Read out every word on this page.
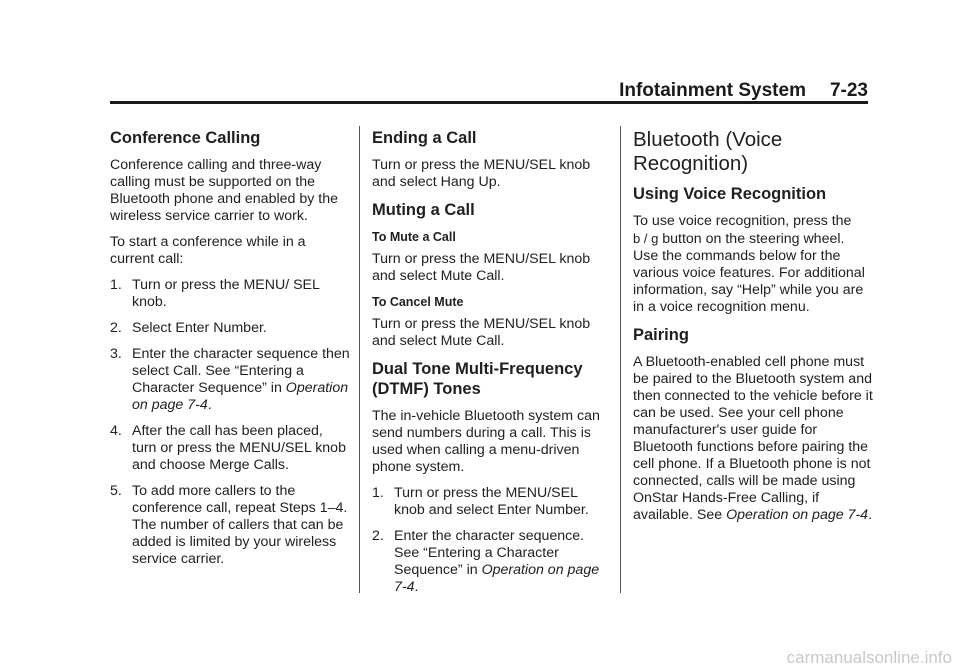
Infotainment System 7-23
Conference Calling

Conference calling and three-way calling must be supported on the Bluetooth phone and enabled by the wireless service carrier to work.

To start a conference while in a current call:

1. Turn or press the MENU/ SEL knob.
2. Select Enter Number.
3. Enter the character sequence then select Call. See “Entering a Character Sequence” in Operation on page 7-4.
4. After the call has been placed, turn or press the MENU/SEL knob and choose Merge Calls.
5. To add more callers to the conference call, repeat Steps 1–4. The number of callers that can be added is limited by your wireless service carrier.
Ending a Call

Turn or press the MENU/SEL knob and select Hang Up.

Muting a Call
To Mute a Call

Turn or press the MENU/SEL knob and select Mute Call.

To Cancel Mute

Turn or press the MENU/SEL knob and select Mute Call.

Dual Tone Multi-Frequency (DTMF) Tones

The in-vehicle Bluetooth system can send numbers during a call. This is used when calling a menu-driven phone system.

1. Turn or press the MENU/SEL knob and select Enter Number.
2. Enter the character sequence. See “Entering a Character Sequence” in Operation on page 7-4.
Bluetooth (Voice Recognition)
Using Voice Recognition

To use voice recognition, press the
b / g button on the steering wheel. Use the commands below for the various voice features. For additional information, say “Help” while you are in a voice recognition menu.

Pairing

A Bluetooth-enabled cell phone must be paired to the Bluetooth system and then connected to the vehicle before it can be used. See your cell phone manufacturer's user guide for Bluetooth functions before pairing the cell phone. If a Bluetooth phone is not connected, calls will be made using OnStar Hands-Free Calling, if available. See Operation on page 7-4.

carmanualsonline.info
